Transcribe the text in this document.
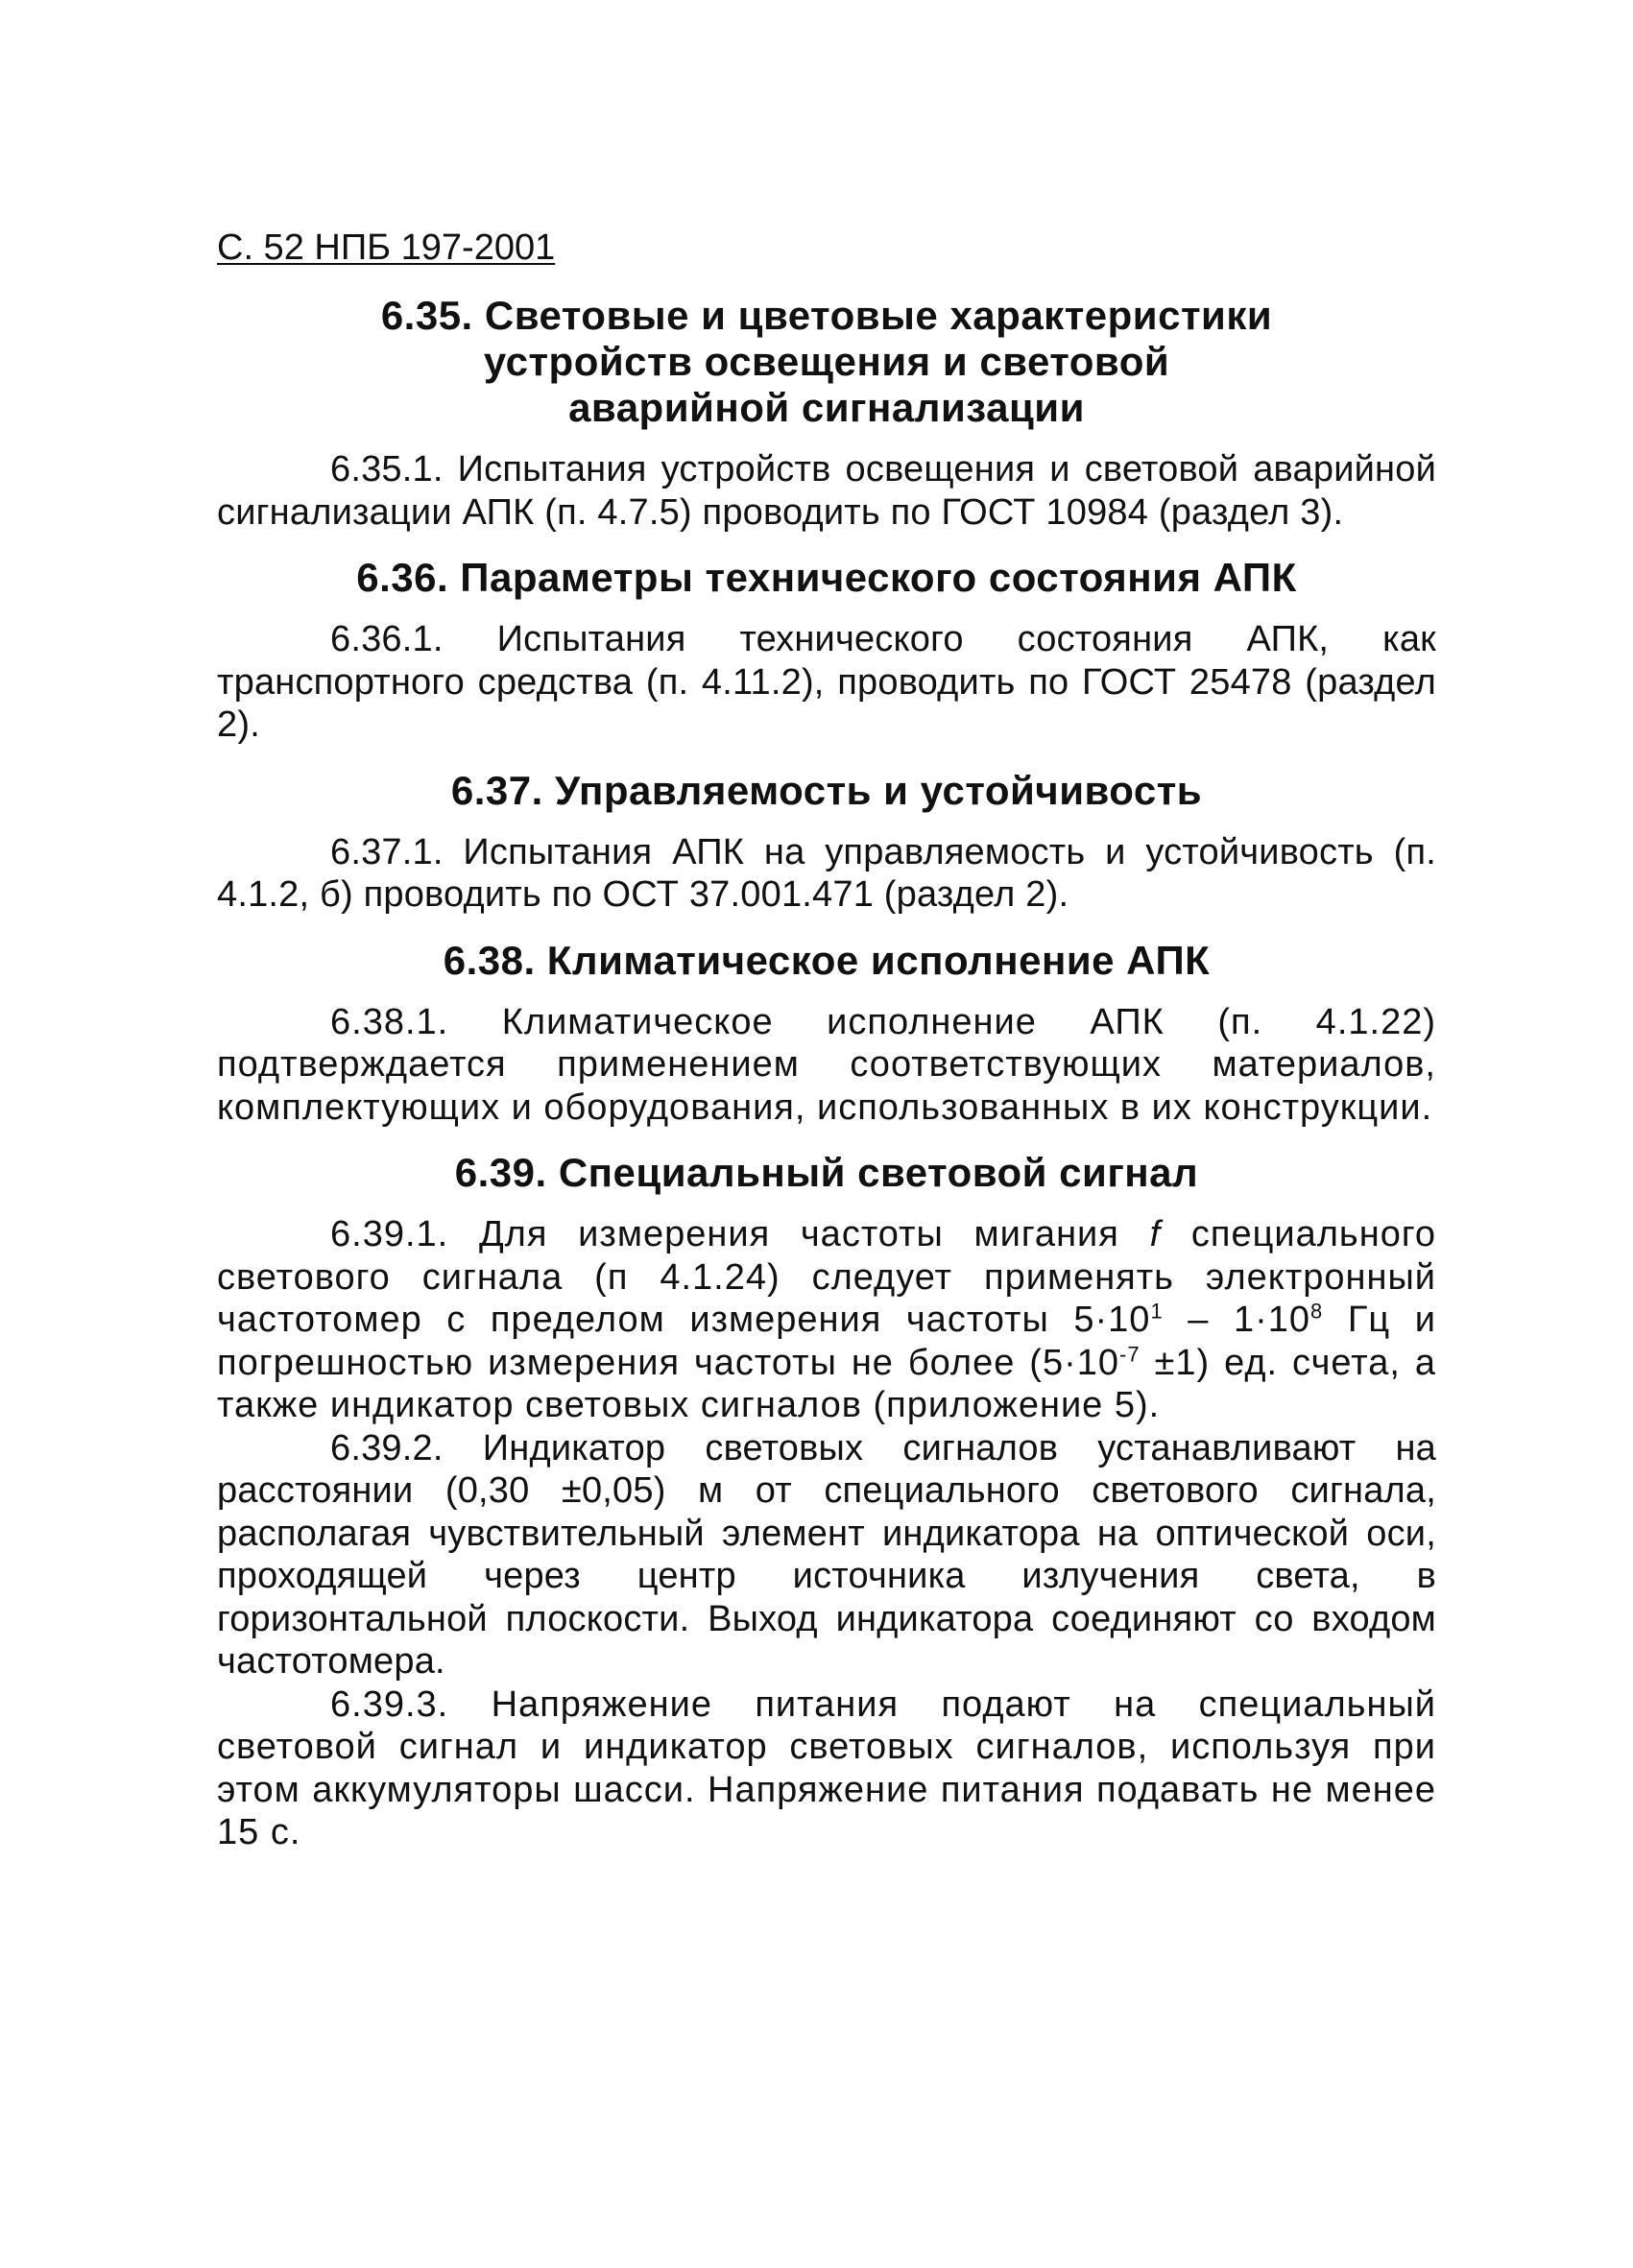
С. 52 НПБ 197-2001
6.35. Световые и цветовые характеристики
устройств освещения и световой
аварийной сигнализации

6.35.1. Испытания устройств освещения и световой аварийной сигнализации АПК (п. 4.7.5) проводить по ГОСТ 10984 (раздел 3).

6.36. Параметры технического состояния АПК

6.36.1. Испытания технического состояния АПК, как транспортного средства (п. 4.11.2), проводить по ГОСТ 25478 (раздел 2).

6.37. Управляемость и устойчивость

6.37.1. Испытания АПК на управляемость и устойчивость (п. 4.1.2, б) проводить по ОСТ 37.001.471 (раздел 2).

6.38. Климатическое исполнение АПК

6.38.1. Климатическое исполнение АПК (п. 4.1.22) подтверждается применением соответствующих материалов, комплектующих и оборудования, использованных в их конструкции.

6.39. Специальный световой сигнал

6.39.1. Для измерения частоты мигания f специального светового сигнала (п 4.1.24) следует применять электронный частотомер с пределом измерения частоты $5\cdot 10^1 - 1\cdot 10^8$ Гц и погрешностью измерения частоты не более $(5\cdot 10^{-7} \pm 1)$ ед. счета, а также индикатор световых сигналов (приложение 5).

6.39.2. Индикатор световых сигналов устанавливают на расстоянии (0,30 ±0,05) м от специального светового сигнала, располагая чувствительный элемент индикатора на оптической оси, проходящей через центр источника излучения света, в горизонтальной плоскости. Выход индикатора соединяют со входом частотомера.

6.39.3. Напряжение питания подают на специальный световой сигнал и индикатор световых сигналов, используя при этом аккумуляторы шасси. Напряжение питания подавать не менее 15 с.
